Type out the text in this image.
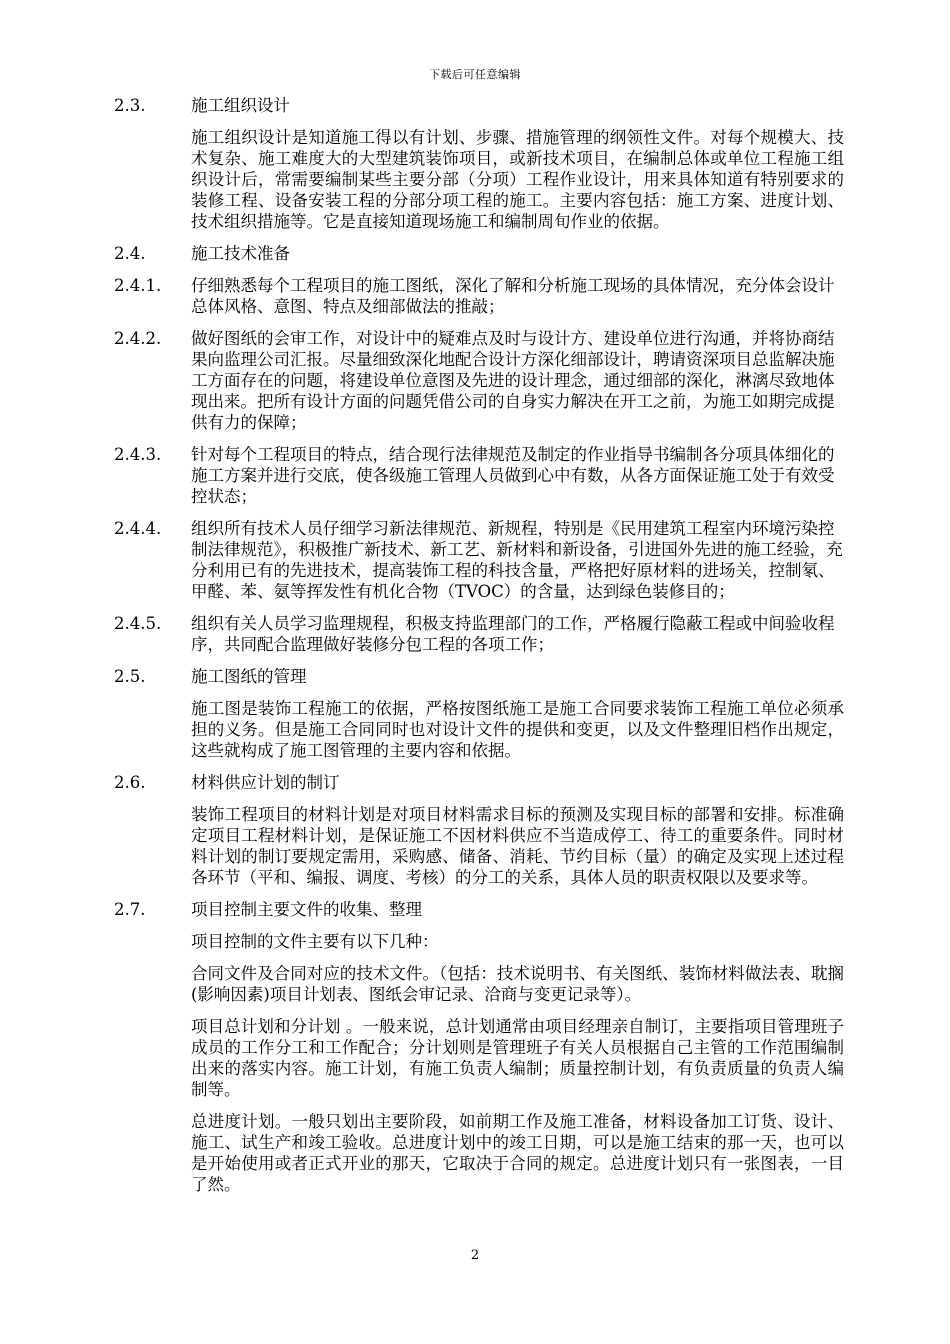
下载后可任意编辑
2.3.	施工组织设计
施工组织设计是知道施工得以有计划、步骤、措施管理的纲领性文件。对每个规模大、技术复杂、施工难度大的大型建筑装饰项目，或新技术项目，在编制总体或单位工程施工组织设计后，常需要编制某些主要分部（分项）工程作业设计，用来具体知道有特别要求的装修工程、设备安装工程的分部分项工程的施工。主要内容包括：施工方案、进度计划、技术组织措施等。它是直接知道现场施工和编制周旬作业的依据。
2.4.	施工技术准备
2.4.1.	仔细熟悉每个工程项目的施工图纸，深化了解和分析施工现场的具体情况，充分体会设计总体风格、意图、特点及细部做法的推敲；
2.4.2.	做好图纸的会审工作，对设计中的疑难点及时与设计方、建设单位进行沟通，并将协商结果向监理公司汇报。尽量细致深化地配合设计方深化细部设计，聘请资深项目总监解决施工方面存在的问题，将建设单位意图及先进的设计理念，通过细部的深化，淋漓尽致地体现出来。把所有设计方面的问题凭借公司的自身实力解决在开工之前，为施工如期完成提供有力的保障；
2.4.3.	针对每个工程项目的特点，结合现行法律规范及制定的作业指导书编制各分项具体细化的施工方案并进行交底，使各级施工管理人员做到心中有数，从各方面保证施工处于有效受控状态；
2.4.4.	组织所有技术人员仔细学习新法律规范、新规程，特别是《民用建筑工程室内环境污染控制法律规范》，积极推广新技术、新工艺、新材料和新设备，引进国外先进的施工经验，充分利用已有的先进技术，提高装饰工程的科技含量，严格把好原材料的进场关，控制氡、甲醛、苯、氨等挥发性有机化合物（TVOC）的含量，达到绿色装修目的；
2.4.5.	组织有关人员学习监理规程，积极支持监理部门的工作，严格履行隐蔽工程或中间验收程序，共同配合监理做好装修分包工程的各项工作；
2.5.	施工图纸的管理
施工图是装饰工程施工的依据，严格按图纸施工是施工合同要求装饰工程施工单位必须承担的义务。但是施工合同同时也对设计文件的提供和变更，以及文件整理旧档作出规定，这些就构成了施工图管理的主要内容和依据。
2.6.	材料供应计划的制订
装饰工程项目的材料计划是对项目材料需求目标的预测及实现目标的部署和安排。标准确定项目工程材料计划，是保证施工不因材料供应不当造成停工、待工的重要条件。同时材料计划的制订要规定需用，采购感、储备、消耗、节约目标（量）的确定及实现上述过程各环节（平和、编报、调度、考核）的分工的关系，具体人员的职责权限以及要求等。
2.7.	项目控制主要文件的收集、整理
项目控制的文件主要有以下几种：
合同文件及合同对应的技术文件。（包括：技术说明书、有关图纸、装饰材料做法表、耽搁(影响因素)项目计划表、图纸会审记录、洽商与变更记录等）。
项目总计划和分计划 。一般来说，总计划通常由项目经理亲自制订，主要指项目管理班子成员的工作分工和工作配合；分计划则是管理班子有关人员根据自己主管的工作范围编制出来的落实内容。施工计划，有施工负责人编制；质量控制计划，有负责质量的负责人编制等。
总进度计划。一般只划出主要阶段，如前期工作及施工准备，材料设备加工订货、设计、施工、试生产和竣工验收。总进度计划中的竣工日期，可以是施工结束的那一天，也可以是开始使用或者正式开业的那天，它取决于合同的规定。总进度计划只有一张图表，一目了然。
2
